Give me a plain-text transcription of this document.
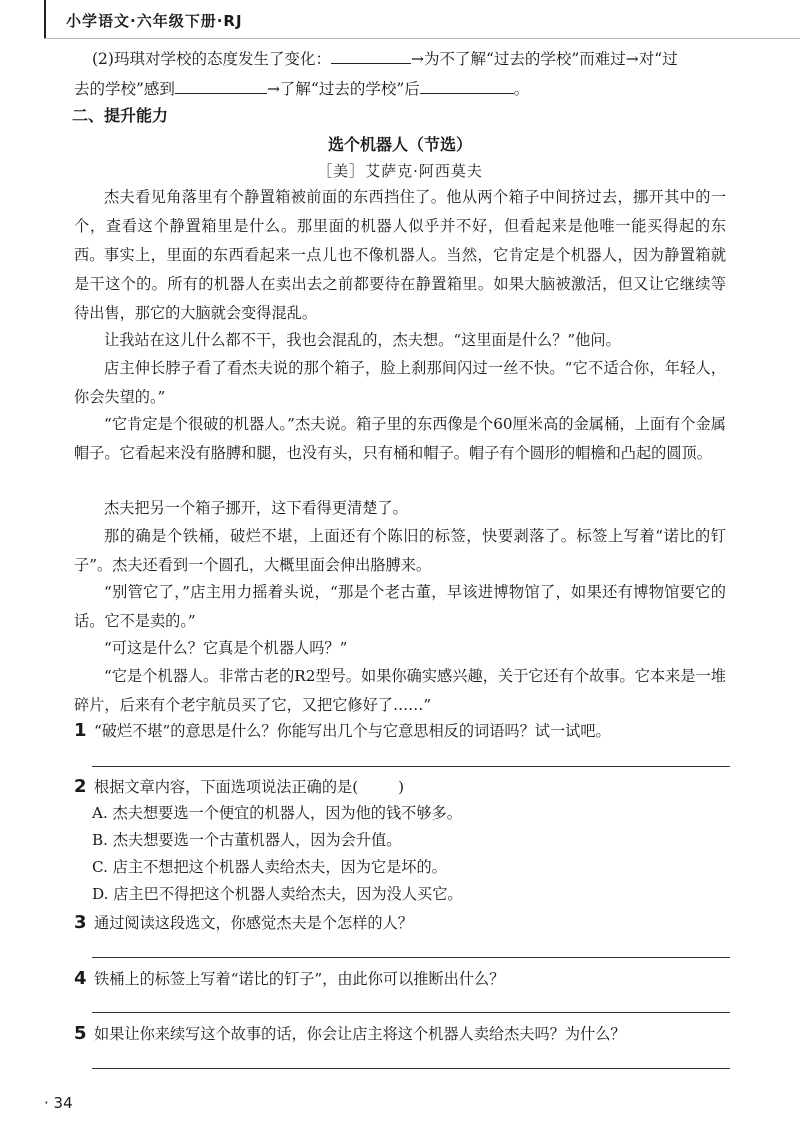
小学语文·六年级下册·RJ
(2)玛琪对学校的态度发生了变化：	→为不了解“过去的学校”而难过→对“过
去的学校”感到	→了解“过去的学校”后	。
二、提升能力
选个机器人（节选）
［美］艾萨克·阿西莫夫
杰夫看见角落里有个静置箱被前面的东西挡住了。他从两个箱子中间挤过去，挪开其中的一个，查看这个静置箱里是什么。那里面的机器人似乎并不好，但看起来是他唯一能买得起的东西。 事实上，里面的东西看起来一点儿也不像机器人。当然，它肯定是个机器人，因为静置箱就是干这个的。所有的机器人在卖出去之前都要待在静置箱里。如果大脑被激活，但又让它继续等待出售，那它的大脑就会变得混乱。
让我站在这儿什么都不干，我也会混乱的，杰夫想。“这里面是什么？”他问。
店主伸长脖子看了看杰夫说的那个箱子，脸上刹那间闪过一丝不快。“它不适合你，年轻人，你会失望的。”
“它肯定是个很破的机器人。”杰夫说。箱子里的东西像是个60厘米高的金属桶，上面有个金属帽子。它看起来没有胳膊和腿，也没有头，只有桶和帽子。帽子有个圆形的帽檐和凸起的圆顶。
杰夫把另一个箱子挪开，这下看得更清楚了。
那的确是个铁桶，破烂不堪，上面还有个陈旧的标签，快要剥落了。标签上写着“诺比的钉子”。杰夫还看到一个圆孔，大概里面会伸出胳膊来。
“别管它了，”店主用力摇着头说，“那是个老古董，早该进博物馆了，如果还有博物馆要它的话。它不是卖的。”
“可这是什么？它真是个机器人吗？”
“它是个机器人。非常古老的R2型号。如果你确实感兴趣，关于它还有个故事。它本来是一堆碎片，后来有个老宇航员买了它，又把它修好了……”
1 “破烂不堪”的意思是什么？你能写出几个与它意思相反的词语吗？试一试吧。
2 根据文章内容，下面选项说法正确的是(	)
A. 杰夫想要选一个便宜的机器人，因为他的钱不够多。
B. 杰夫想要选一个古董机器人，因为会升值。
C. 店主不想把这个机器人卖给杰夫，因为它是坏的。
D. 店主巴不得把这个机器人卖给杰夫，因为没人买它。
3 通过阅读这段选文，你感觉杰夫是个怎样的人？
4 铁桶上的标签上写着“诺比的钉子”，由此你可以推断出什么？
5 如果让你来续写这个故事的话，你会让店主将这个机器人卖给杰夫吗？为什么？
· 34
